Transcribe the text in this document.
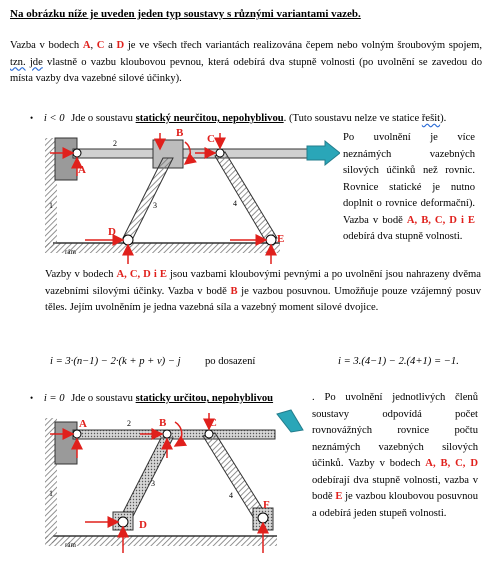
Na obrázku níže je uveden jeden typ soustavy s různými variantami vazeb.
Vazba v bodech A, C a D je ve všech třech variantách realizována čepem nebo volným šroubovým spojem, tzn. jde vlastně o vazbu kloubovou pevnou, která odebírá dva stupně volnosti (po uvolnění se zavedou do místa vazby dva vazebné silové účinky).
• i < 0 Jde o soustavu statický neurčitou, nepohyblivou. (Tuto soustavu nelze ve statice řešit).
A
B C
D
E
1
2
3	4
rám
Po uvolnění je více neznámých vazebných silových účinků než rovnic. Rovnice statické je nutno doplnit o rovnice deformační). Vazba v bodě A, B, C, D i E odebírá dva stupně volnosti.
Vazby v bodech A, C, D i E jsou vazbami kloubovými pevnými a po uvolnění jsou nahrazeny dvěma vazebními silovými účinky. Vazba v bodě B je vazbou posuvnou. Umožňuje pouze vzájemný posuv těles. Jejím uvolněním je jedna vazebná síla a vazebný moment silové dvojice.
i = 3·(n−1) − 2·(k + p + v) − j po dosazení	i = 3.(4−1) − 2.(4+1) = −1.
• i = 0 Jde o soustavu staticky určitou, nepohyblivou
A	B	C
D
F
1
2
3
4
rám
. Po uvolnění jednotlivých členů soustavy odpovídá počet rovnovážných rovnice počtu neznámých vazebných silových účinků. Vazby v bodech A, B, C, D odebírají dva stupně volnosti, vazba v bodě E je vazbou kloubovou posuvnou a odebírá jeden stupeň volnosti.
